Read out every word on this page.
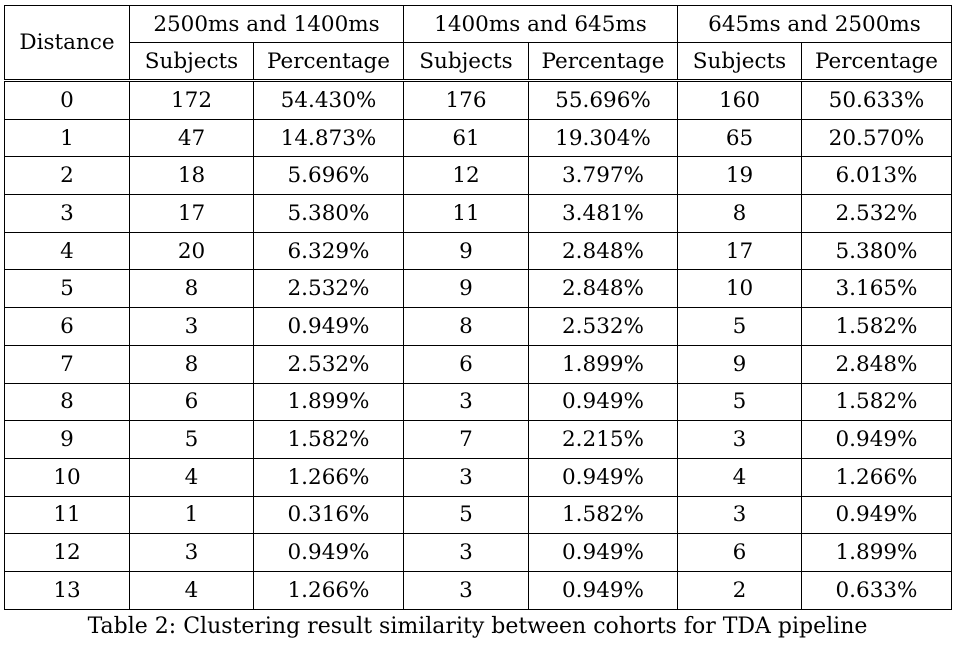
Distance	2500ms and 1400ms		1400ms and 645ms		645ms and 2500ms	
	Subjects	Percentage	Subjects	Percentage	Subjects	Percentage
0	172	54.430%	176	55.696%	160	50.633%
1	47	14.873%	61	19.304%	65	20.570%
2	18	5.696%	12	3.797%	19	6.013%
3	17	5.380%	11	3.481%	8	2.532%
4	20	6.329%	9	2.848%	17	5.380%
5	8	2.532%	9	2.848%	10	3.165%
6	3	0.949%	8	2.532%	5	1.582%
7	8	2.532%	6	1.899%	9	2.848%
8	6	1.899%	3	0.949%	5	1.582%
9	5	1.582%	7	2.215%	3	0.949%
10	4	1.266%	3	0.949%	4	1.266%
11	1	0.316%	5	1.582%	3	0.949%
12	3	0.949%	3	0.949%	6	1.899%
13	4	1.266%	3	0.949%	2	0.633%
Table 2: Clustering result similarity between cohorts for TDA pipeline
